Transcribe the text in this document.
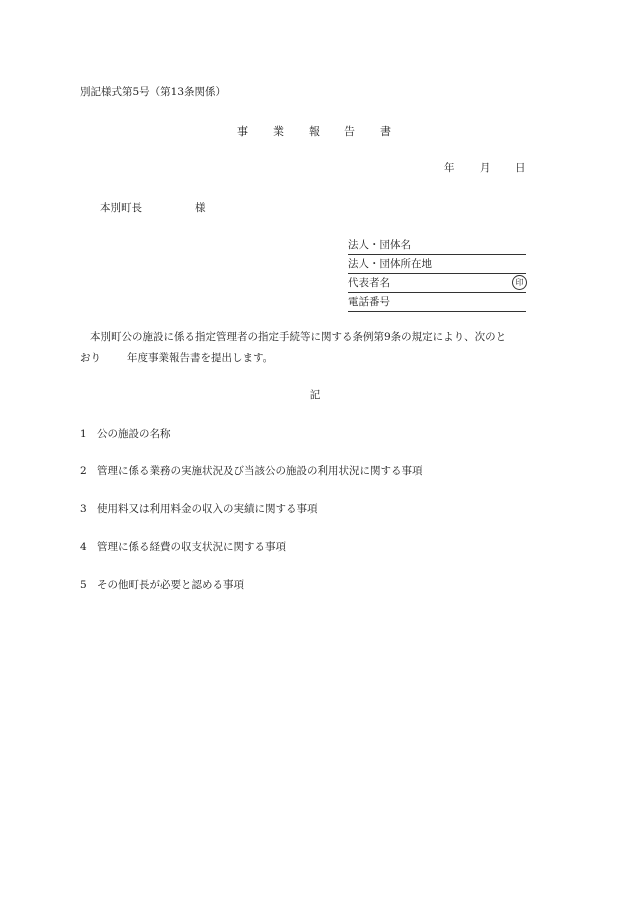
別記様式第5号（第13条関係）
事 業 報 告 書
年 月 日
本別町長	様
法人・団体名
法人・団体所在地
代表者名	印
電話番号
本別町公の施設に係る指定管理者の指定手続等に関する条例第9条の規定により、次のと
おり 年度事業報告書を提出します。
記
1 公の施設の名称
2 管理に係る業務の実施状況及び当該公の施設の利用状況に関する事項
3 使用料又は利用料金の収入の実績に関する事項
4 管理に係る経費の収支状況に関する事項
5 その他町長が必要と認める事項
